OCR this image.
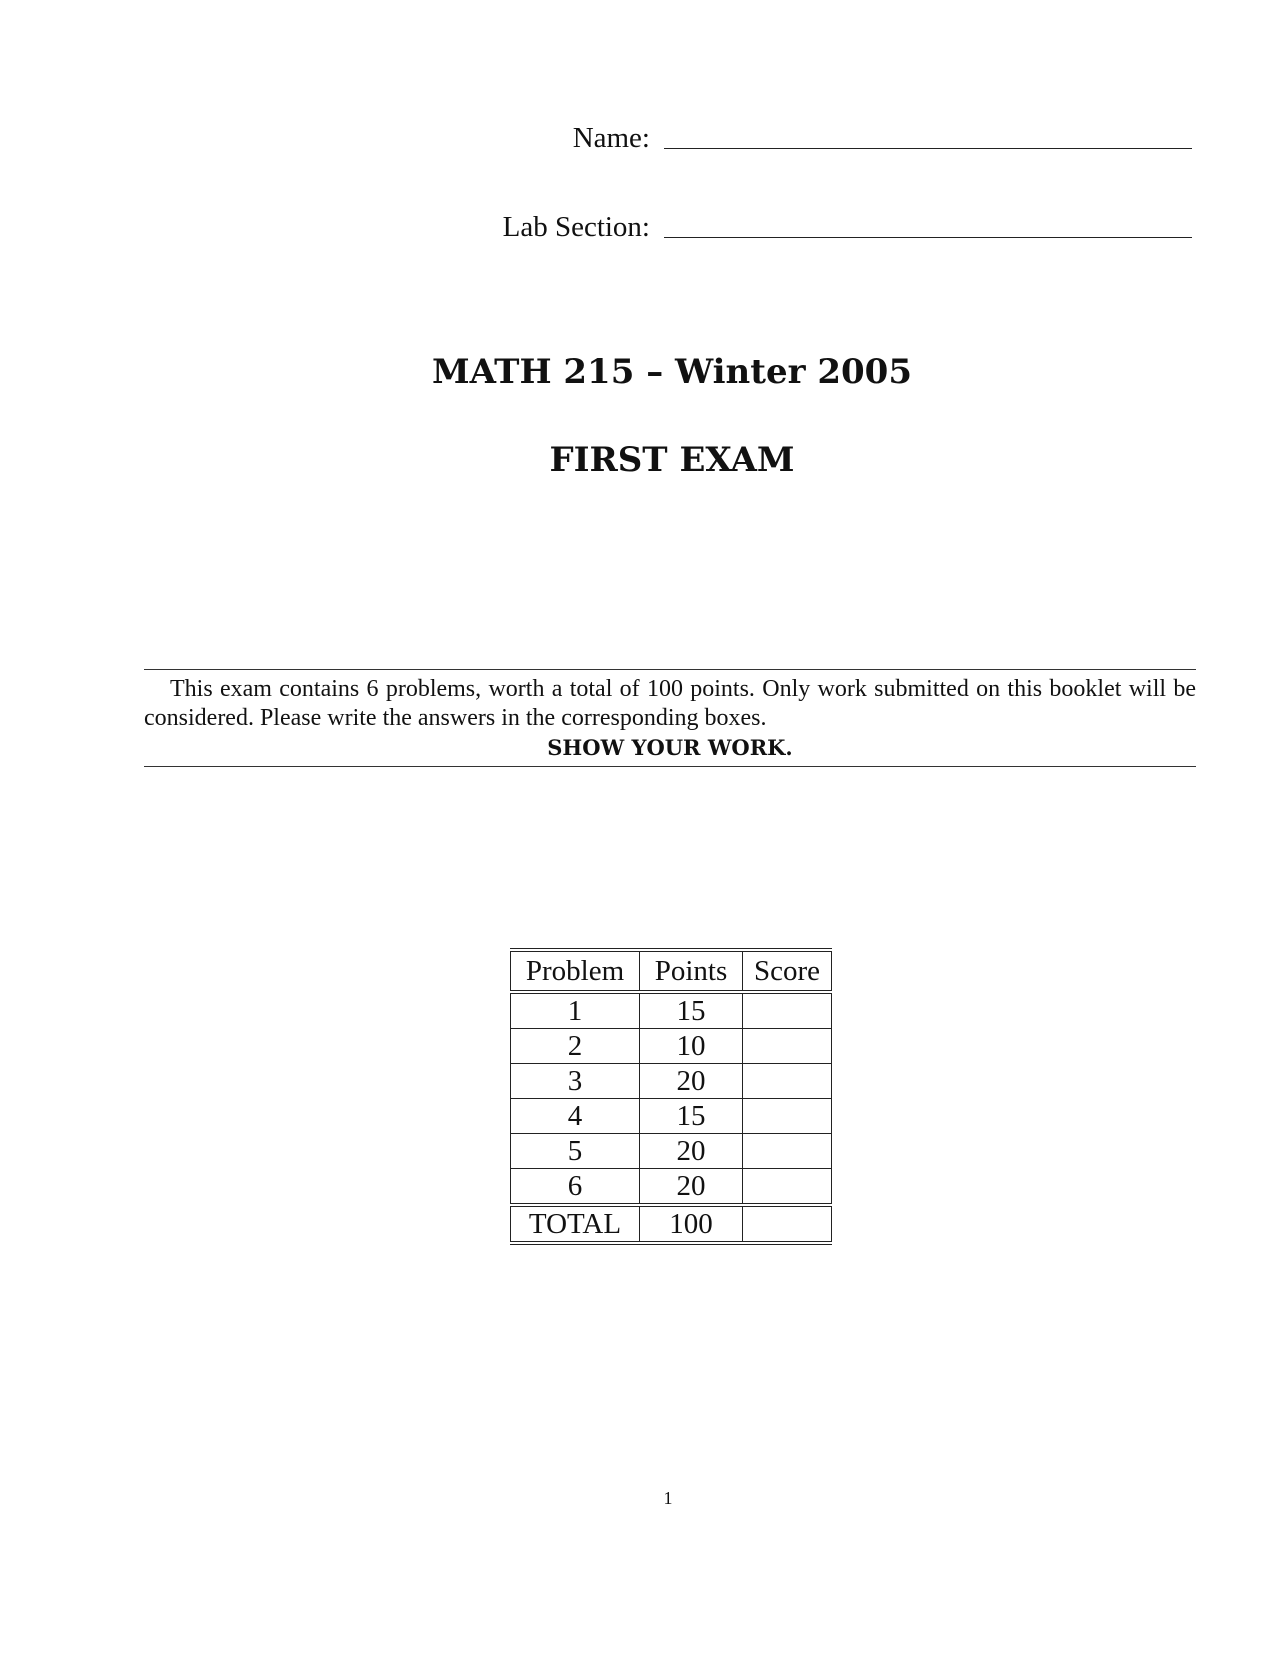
Name:
Lab Section:
MATH 215 – Winter 2005
FIRST EXAM
This exam contains 6 problems, worth a total of 100 points. Only work submitted on this booklet will be considered. Please write the answers in the corresponding boxes.
SHOW YOUR WORK.
Problem	Points	Score
1	15	
2	10	
3	20	
4	15	
5	20	
6	20	
TOTAL	100	
1
